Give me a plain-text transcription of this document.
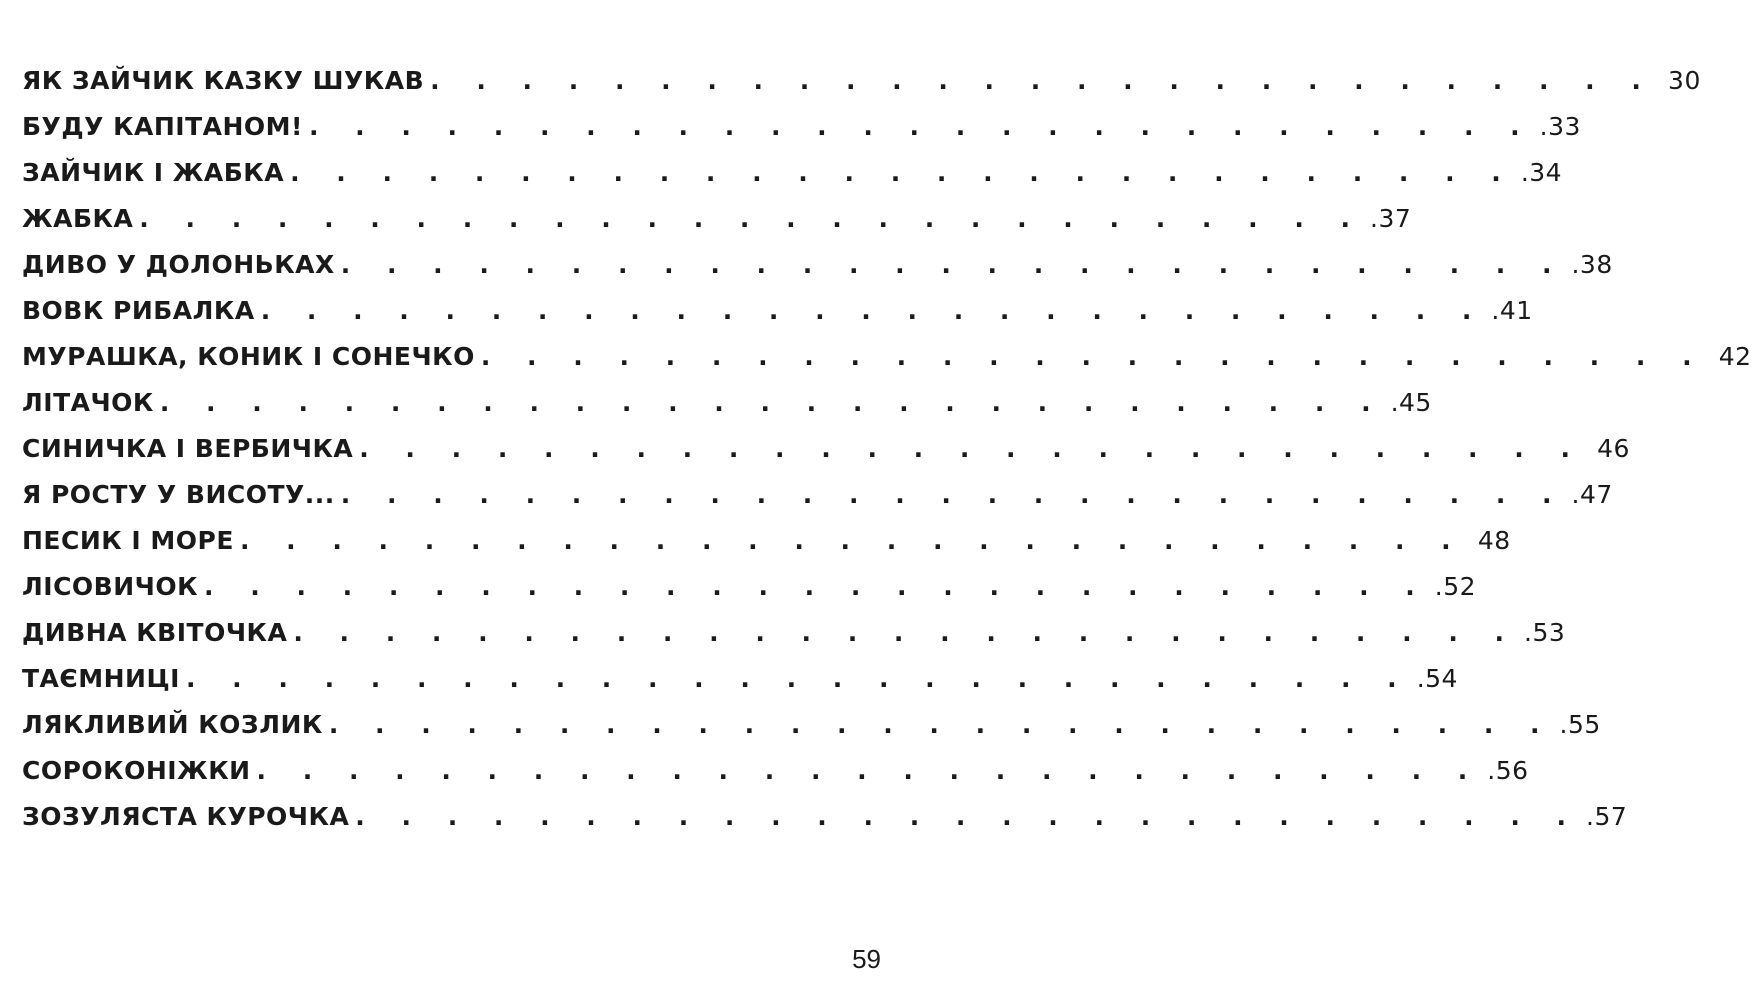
ЯК ЗАЙЧИК КАЗКУ ШУКАВ . . . . . . . . . . . . . . . . . . . . . . . . . . . 30
БУДУ КАПІТАНОМ! . . . . . . . . . . . . . . . . . . . . . . . . . . . .33
ЗАЙЧИК І ЖАБКА . . . . . . . . . . . . . . . . . . . . . . . . . . . .34
ЖАБКА . . . . . . . . . . . . . . . . . . . . . . . . . . . .37
ДИВО У ДОЛОНЬКАХ . . . . . . . . . . . . . . . . . . . . . . . . . . . .38
ВОВК РИБАЛКА . . . . . . . . . . . . . . . . . . . . . . . . . . . .41
МУРАШКА, КОНИК І СОНЕЧКО . . . . . . . . . . . . . . . . . . . . . . . . . . . 42
ЛІТАЧОК . . . . . . . . . . . . . . . . . . . . . . . . . . . .45
СИНИЧКА І ВЕРБИЧКА . . . . . . . . . . . . . . . . . . . . . . . . . . . 46
Я РОСТУ У ВИСОТУ... . . . . . . . . . . . . . . . . . . . . . . . . . . . .47
ПЕСИК І МОРЕ . . . . . . . . . . . . . . . . . . . . . . . . . . . 48
ЛІСОВИЧОК . . . . . . . . . . . . . . . . . . . . . . . . . . . .52
ДИВНА КВІТОЧКА . . . . . . . . . . . . . . . . . . . . . . . . . . . .53
ТАЄМНИЦІ . . . . . . . . . . . . . . . . . . . . . . . . . . . .54
ЛЯКЛИВИЙ КОЗЛИК . . . . . . . . . . . . . . . . . . . . . . . . . . . .55
СОРОКОНІЖКИ . . . . . . . . . . . . . . . . . . . . . . . . . . . .56
ЗОЗУЛЯСТА КУРОЧКА . . . . . . . . . . . . . . . . . . . . . . . . . . . .57
59
